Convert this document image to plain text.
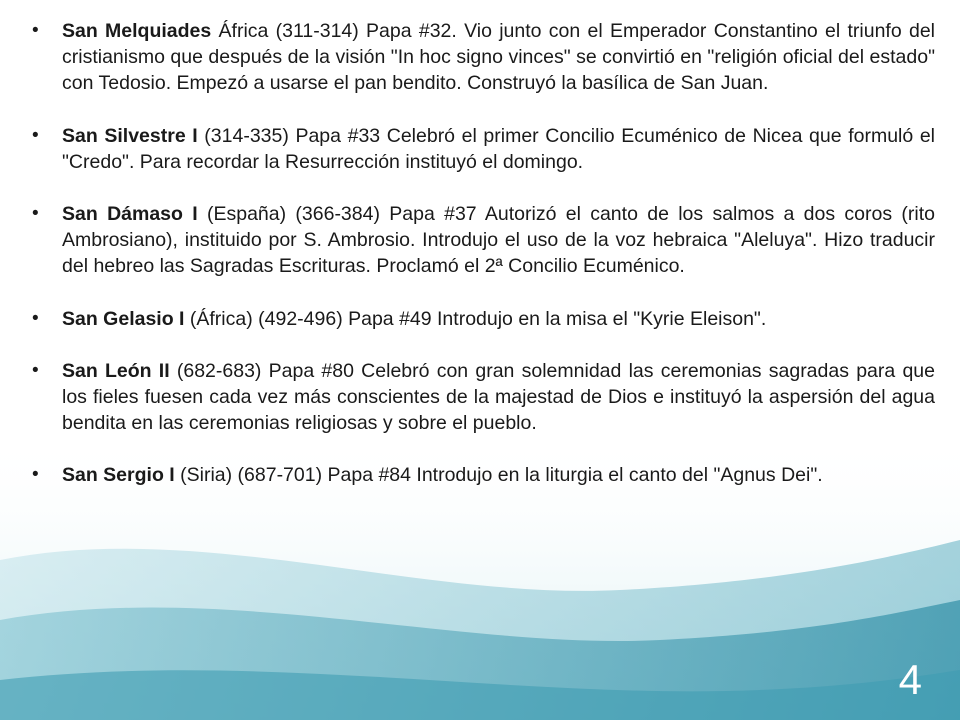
• San Melquiades África (311-314) Papa #32. Vio junto con el Emperador Constantino el triunfo del cristianismo que después de la visión "In hoc signo vinces" se convirtió en "religión oficial del estado" con Tedosio. Empezó a usarse el pan bendito. Construyó la basílica de San Juan.
• San Silvestre I (314-335) Papa #33 Celebró el primer Concilio Ecuménico de Nicea que formuló el "Credo". Para recordar la Resurrección instituyó el domingo.
• San Dámaso I (España) (366-384) Papa #37 Autorizó el canto de los salmos a dos coros (rito Ambrosiano), instituido por S. Ambrosio. Introdujo el uso de la voz hebraica "Aleluya". Hizo traducir del hebreo las Sagradas Escrituras. Proclamó el 2ª Concilio Ecuménico.
• San Gelasio I (África) (492-496) Papa #49 Introdujo en la misa el "Kyrie Eleison".
• San León II (682-683) Papa #80 Celebró con gran solemnidad las ceremonias sagradas para que los fieles fuesen cada vez más conscientes de la majestad de Dios e instituyó la aspersión del agua bendita en las ceremonias religiosas y sobre el pueblo.
• San Sergio I (Siria) (687-701) Papa #84 Introdujo en la liturgia el canto del "Agnus Dei".
4
